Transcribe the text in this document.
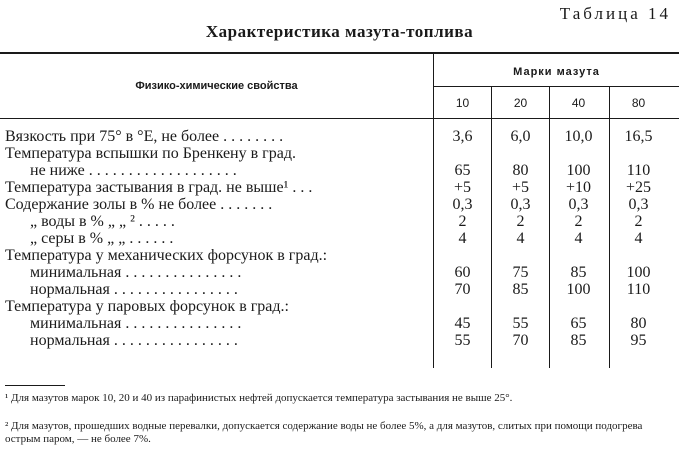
Таблица 14
Характеристика мазута-топлива
Физико-химические свойства
Марки мазута
10	20	40	80
Вязкость при 75° в °E, не более . . . . . . . .	3,6	6,0	10,0	16,5
Температура вспышки по Бренкену в град.
не ниже . . . . . . . . . . . . . . . . . . .	65	80	100	110
Температура застывания в град. не выше¹ . . .	+5	+5	+10	+25
Содержание золы в % не более . . . . . . .	0,3	0,3	0,3	0,3
„ воды в % „ „ ² . . . . .	2	2	2	2
„ серы в % „ „ . . . . . .	4	4	4	4
Температура у механических форсунок в град.:
минимальная . . . . . . . . . . . . . . .	60	75	85	100
нормальная . . . . . . . . . . . . . . . .	70	85	100	110
Температура у паровых форсунок в град.:
минимальная . . . . . . . . . . . . . . .	45	55	65	80
нормальная . . . . . . . . . . . . . . . .	55	70	85	95
¹ Для мазутов марок 10, 20 и 40 из парафинистых нефтей допускается температура застывания не выше 25°.
² Для мазутов, прошедших водные перевалки, допускается содержание воды не более 5%, а для мазутов, слитых при помощи подогрева острым паром, — не более 7%.
